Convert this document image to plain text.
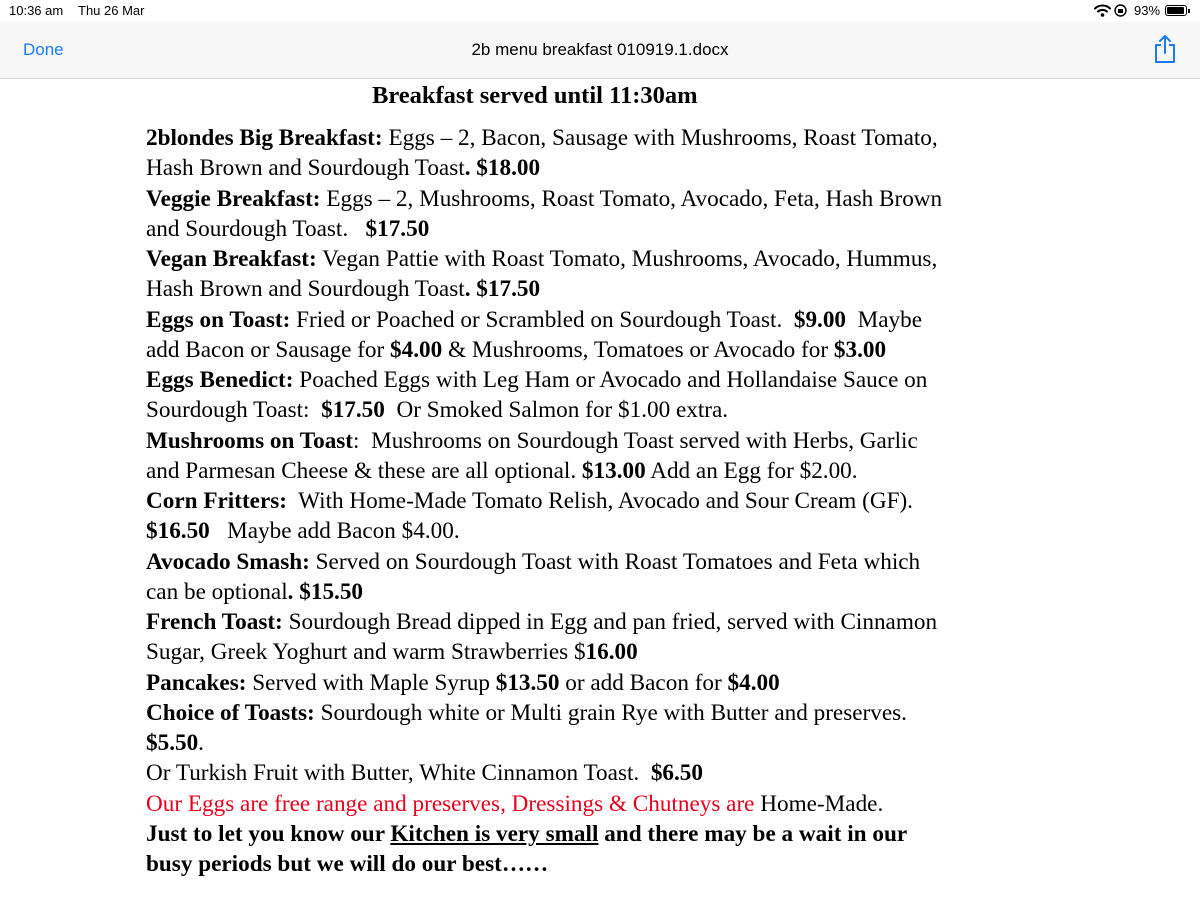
10:36 am Thu 26 Mar	93%
Done	2b menu breakfast 010919.1.docx
Breakfast served until 11:30am
2blondes Big Breakfast: Eggs – 2, Bacon, Sausage with Mushrooms, Roast Tomato,
Hash Brown and Sourdough Toast. $18.00
Veggie Breakfast: Eggs – 2, Mushrooms, Roast Tomato, Avocado, Feta, Hash Brown
and Sourdough Toast.   $17.50
Vegan Breakfast: Vegan Pattie with Roast Tomato, Mushrooms, Avocado, Hummus,
Hash Brown and Sourdough Toast. $17.50
Eggs on Toast: Fried or Poached or Scrambled on Sourdough Toast.  $9.00  Maybe
add Bacon or Sausage for $4.00 & Mushrooms, Tomatoes or Avocado for $3.00
Eggs Benedict: Poached Eggs with Leg Ham or Avocado and Hollandaise Sauce on
Sourdough Toast:  $17.50  Or Smoked Salmon for $1.00 extra.
Mushrooms on Toast:  Mushrooms on Sourdough Toast served with Herbs, Garlic
and Parmesan Cheese & these are all optional. $13.00 Add an Egg for $2.00.
Corn Fritters:  With Home-Made Tomato Relish, Avocado and Sour Cream (GF).
$16.50   Maybe add Bacon $4.00.
Avocado Smash: Served on Sourdough Toast with Roast Tomatoes and Feta which
can be optional. $15.50
French Toast: Sourdough Bread dipped in Egg and pan fried, served with Cinnamon
Sugar, Greek Yoghurt and warm Strawberries $16.00
Pancakes: Served with Maple Syrup $13.50 or add Bacon for $4.00
Choice of Toasts: Sourdough white or Multi grain Rye with Butter and preserves.
$5.50.
Or Turkish Fruit with Butter, White Cinnamon Toast.  $6.50
Our Eggs are free range and preserves, Dressings & Chutneys are Home-Made.
Just to let you know our Kitchen is very small and there may be a wait in our
busy periods but we will do our best……
